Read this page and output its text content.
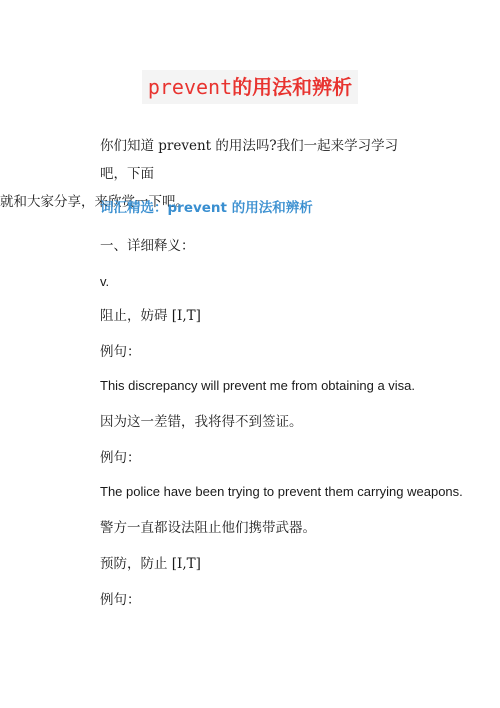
prevent的用法和辨析
你们知道 prevent 的用法吗?我们一起来学习学习吧，下面
就和大家分享，来欣赏一下吧。

词汇精选：prevent 的用法和辨析

一、详细释义：

v.

阻止，妨碍 [I,T]

例句：

This discrepancy will prevent me from obtaining a visa.

因为这一差错，我将得不到签证。

例句：

The police have been trying to prevent them carrying weapons.

警方一直都设法阻止他们携带武器。

预防，防止 [I,T]

例句：
